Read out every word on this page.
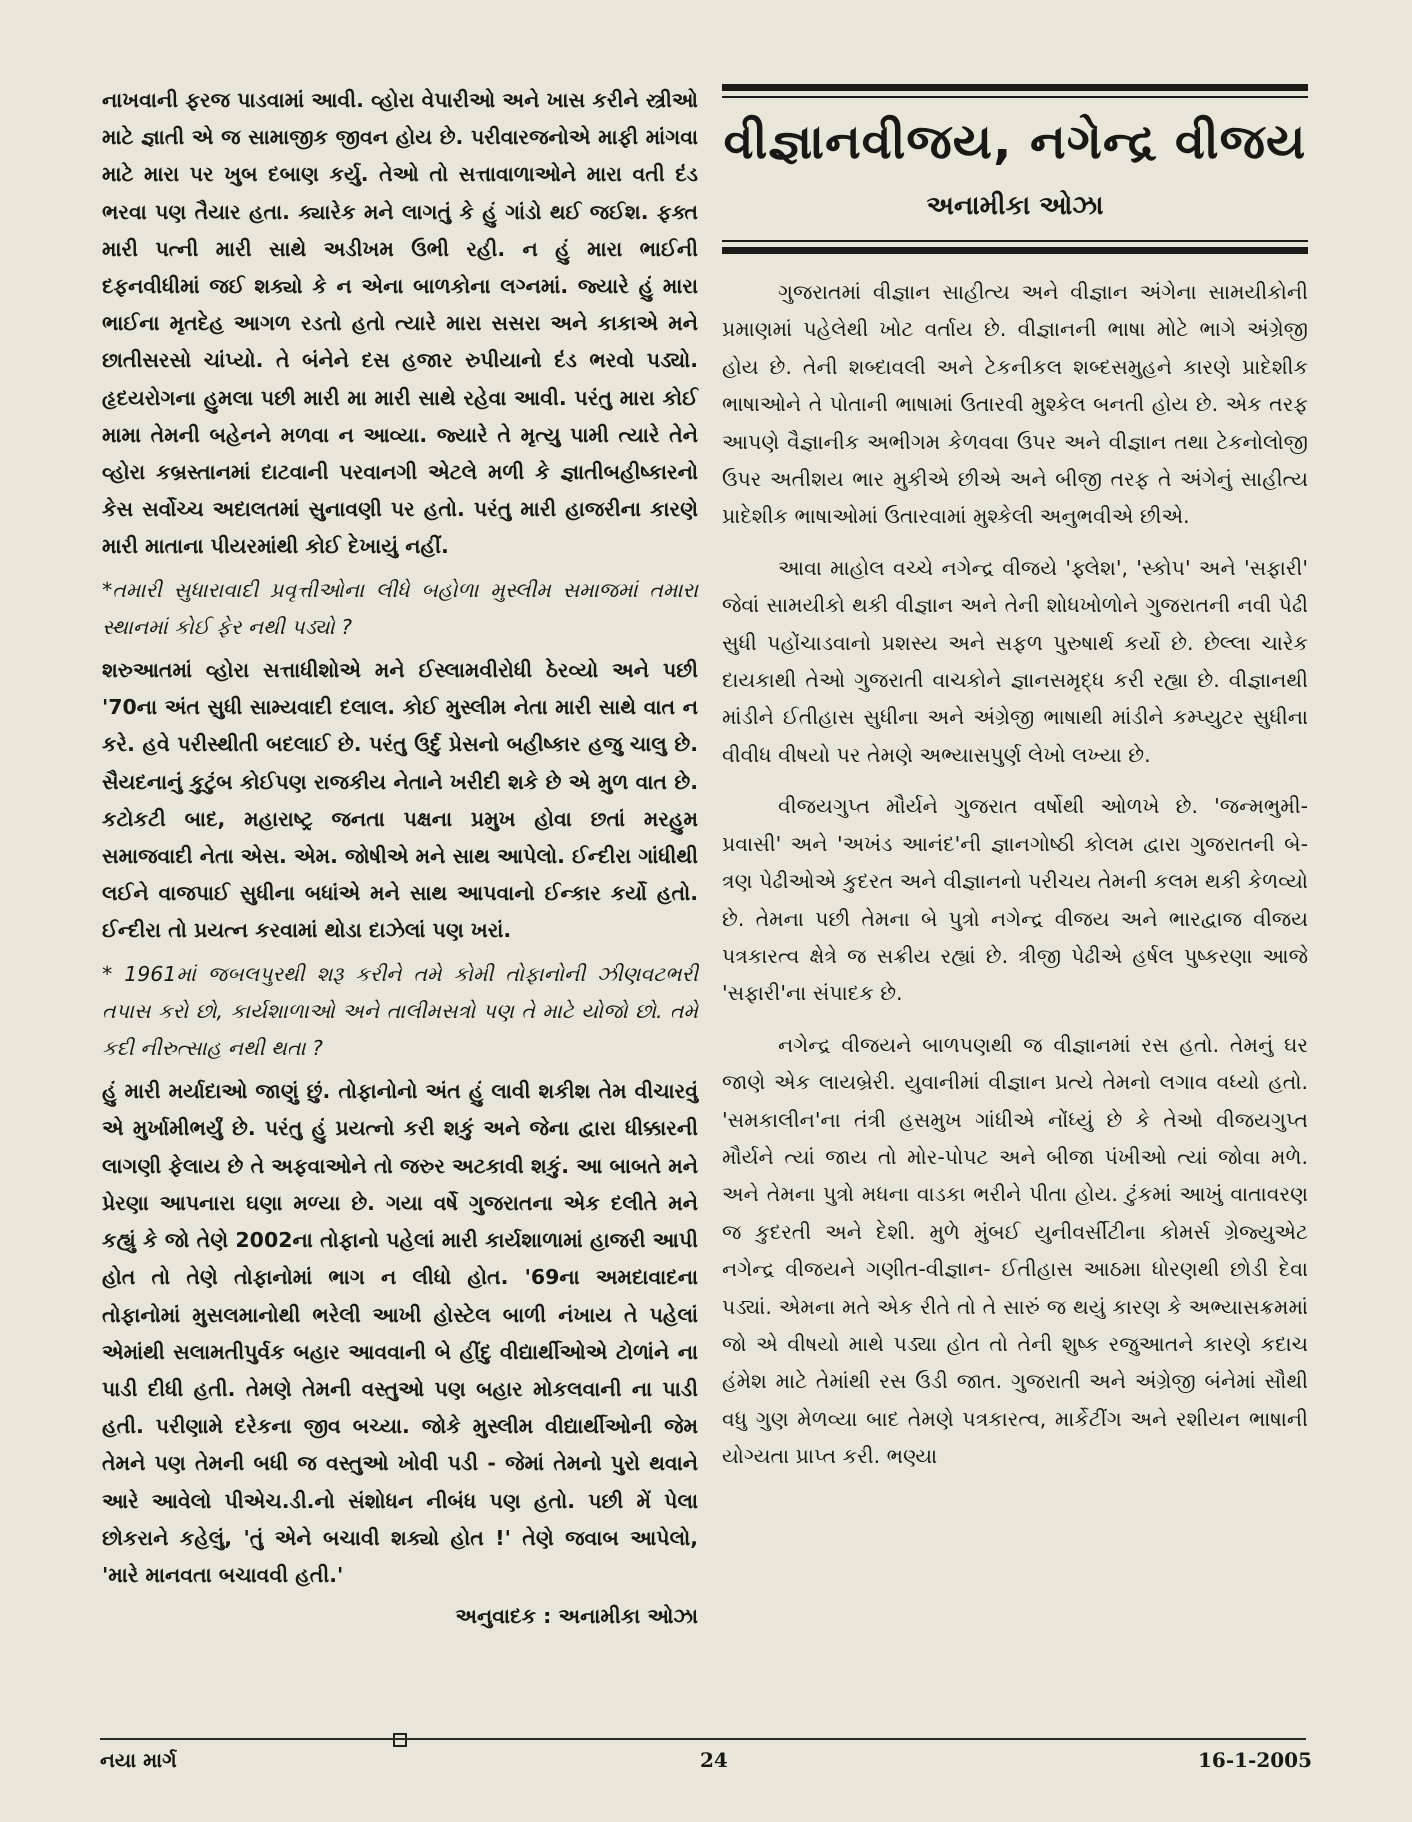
નાખવાની ફરજ પાડવામાં આવી. વ્હોરા વેપારીઓ અને ખાસ કરીને સ્ત્રીઓ માટે જ્ઞાતી એ જ સામાજીક જીવન હોય છે. પરીવારજનોએ માફી માંગવા માટે મારા પર ખુબ દબાણ કર્યુ. તેઓ તો સત્તાવાળાઓને મારા વતી દંડ ભરવા પણ તૈયાર હતા. ક્યારેક મને લાગતું કે હું ગાંડો થઈ જઈશ. ફક્ત મારી પત્ની મારી સાથે અડીખમ ઉભી રહી. ન હું મારા ભાઈની દફનવીધીમાં જઈ શક્યો કે ન એના બાળકોના લગ્નમાં. જ્યારે હું મારા ભાઈના મૃતદેહ આગળ રડતો હતો ત્યારે મારા સસરા અને કાકાએ મને છાતીસરસો ચાંપ્યો. તે બંનેને દસ હજાર રુપીયાનો દંડ ભરવો પડ્યો. હૃદયરોગના હુમલા પછી મારી મા મારી સાથે રહેવા આવી. પરંતુ મારા કોઈ મામા તેમની બહેનને મળવા ન આવ્યા. જ્યારે તે મૃત્યુ પામી ત્યારે તેને વ્હોરા કબ્રસ્તાનમાં દાટવાની પરવાનગી એટલે મળી કે જ્ઞાતીબહીષ્કારનો કેસ સર્વોચ્ચ અદાલતમાં સુનાવણી પર હતો. પરંતુ મારી હાજરીના કારણે મારી માતાના પીયરમાંથી કોઈ દેખાયું નહીં.

*તમારી સુધારાવાદી પ્રવૃત્તીઓના લીધે બહોળા મુસ્લીમ સમાજમાં તમારા સ્થાનમાં કોઈ ફેર નથી પડ્યો ?

શરુઆતમાં વ્હોરા સત્તાધીશોએ મને ઈસ્લામવીરોધી ઠેરવ્યો અને પછી '70ના અંત સુધી સામ્યવાદી દલાલ. કોઈ મુસ્લીમ નેતા મારી સાથે વાત ન કરે. હવે પરીસ્થીતી બદલાઈ છે. પરંતુ ઉર્દુ પ્રેસનો બહીષ્કાર હજુ ચાલુ છે. સૈયદનાનું કુટુંબ કોઈપણ રાજકીય નેતાને ખરીદી શકે છે એ મુળ વાત છે. કટોકટી બાદ, મહારાષ્ટ્ર જનતા પક્ષના પ્રમુખ હોવા છતાં મરહુમ સમાજવાદી નેતા એસ. એમ. જોષીએ મને સાથ આપેલો. ઈન્દીરા ગાંધીથી લઈને વાજપાઈ સુધીના બધાંએ મને સાથ આપવાનો ઈન્કાર કર્યો હતો. ઈન્દીરા તો પ્રયત્ન કરવામાં થોડા દાઝેલાં પણ ખરાં.

* 1961માં જબલપુરથી શરૂ કરીને તમે કોમી તોફાનોની ઝીણવટભરી તપાસ કરો છો, કાર્યશાળાઓ અને તાલીમસત્રો પણ તે માટે યોજો છો. તમે કદી નીરુત્સાહ નથી થતા ?

હું મારી મર્યાદાઓ જાણું છું. તોફાનોનો અંત હું લાવી શકીશ તેમ વીચારવું એ મુર્ખામીભર્યું છે. પરંતુ હું પ્રયત્નો કરી શકું અને જેના દ્વારા ધીક્કારની લાગણી ફેલાય છે તે અફવાઓને તો જરુર અટકાવી શકું. આ બાબતે મને પ્રેરણા આપનારા ઘણા મળ્યા છે. ગયા વર્ષે ગુજરાતના એક દલીતે મને કહ્યું કે જો તેણે 2002ના તોફાનો પહેલાં મારી કાર્યશાળામાં હાજરી આપી હોત તો તેણે તોફાનોમાં ભાગ ન લીધો હોત. '69ના અમદાવાદના તોફાનોમાં મુસલમાનોથી ભરેલી આખી હોસ્ટેલ બાળી નંખાય તે પહેલાં એમાંથી સલામતીપુર્વક બહાર આવવાની બે હીંદુ વીદ્યાર્થીઓએ ટોળાંને ના પાડી દીધી હતી. તેમણે તેમની વસ્તુઓ પણ બહાર મોકલવાની ના પાડી હતી. પરીણામે દરેકના જીવ બચ્યા. જોકે મુસ્લીમ વીદ્યાર્થીઓની જેમ તેમને પણ તેમની બધી જ વસ્તુઓ ખોવી પડી - જેમાં તેમનો પુરો થવાને આરે આવેલો પીએચ.ડી.નો સંશોધન નીબંધ પણ હતો. પછી મેં પેલા છોકરાને કહેલું, 'તું એને બચાવી શક્યો હોત !' તેણે જવાબ આપેલો, 'મારે માનવતા બચાવવી હતી.'

અનુવાદક : અનામીકા ઓઝા

વીજ્ઞાનવીજય, નગેન્દ્ર વીજય
અનામીકા ઓઝા

ગુજરાતમાં વીજ્ઞાન સાહીત્ય અને વીજ્ઞાન અંગેના સામયીકોની પ્રમાણમાં પહેલેથી ખોટ વર્તાય છે. વીજ્ઞાનની ભાષા મોટે ભાગે અંગ્રેજી હોય છે. તેની શબ્દાવલી અને ટેકનીકલ શબ્દસમુહને કારણે પ્રાદેશીક ભાષાઓને તે પોતાની ભાષામાં ઉતારવી મુશ્કેલ બનતી હોય છે. એક તરફ આપણે વૈજ્ઞાનીક અભીગમ કેળવવા ઉપર અને વીજ્ઞાન તથા ટેકનોલોજી ઉપર અતીશય ભાર મુકીએ છીએ અને બીજી તરફ તે અંગેનું સાહીત્ય પ્રાદેશીક ભાષાઓમાં ઉતારવામાં મુશ્કેલી અનુભવીએ છીએ.

આવા માહોલ વચ્ચે નગેન્દ્ર વીજયે 'ફ્લેશ', 'સ્કોપ' અને 'સફારી' જેવાં સામયીકો થકી વીજ્ઞાન અને તેની શોધખોળોને ગુજરાતની નવી પેઢી સુધી પહોંચાડવાનો પ્રશસ્ય અને સફળ પુરુષાર્થ કર્યો છે. છેલ્લા ચારેક દાયકાથી તેઓ ગુજરાતી વાચકોને જ્ઞાનસમૃદ્ધ કરી રહ્યા છે. વીજ્ઞાનથી માંડીને ઈતીહાસ સુધીના અને અંગ્રેજી ભાષાથી માંડીને કમ્પ્યુટર સુધીના વીવીધ વીષયો પર તેમણે અભ્યાસપુર્ણ લેખો લખ્યા છે.

વીજયગુપ્ત મૌર્યને ગુજરાત વર્ષોથી ઓળખે છે. 'જન્મભુમી-પ્રવાસી' અને 'અખંડ આનંદ'ની જ્ઞાનગોષ્ઠી કોલમ દ્વારા ગુજરાતની બે-ત્રણ પેઢીઓએ કુદરત અને વીજ્ઞાનનો પરીચય તેમની કલમ થકી કેળવ્યો છે. તેમના પછી તેમના બે પુત્રો નગેન્દ્ર વીજય અને ભારદ્વાજ વીજય પત્રકારત્વ ક્ષેત્રે જ સક્રીય રહ્યાં છે. ત્રીજી પેઢીએ હર્ષલ પુષ્કરણા આજે 'સફારી'ના સંપાદક છે.

નગેન્દ્ર વીજયને બાળપણથી જ વીજ્ઞાનમાં રસ હતો. તેમનું ઘર જાણે એક લાયબ્રેરી. યુવાનીમાં વીજ્ઞાન પ્રત્યે તેમનો લગાવ વધ્યો હતો. 'સમકાલીન'ના તંત્રી હસમુખ ગાંધીએ નોંધ્યું છે કે તેઓ વીજયગુપ્ત મૌર્યને ત્યાં જાય તો મોર-પોપટ અને બીજા પંખીઓ ત્યાં જોવા મળે. અને તેમના પુત્રો મધના વાડકા ભરીને પીતા હોય. ટુંકમાં આખું વાતાવરણ જ કુદરતી અને દેશી. મુળે મુંબઈ યુનીવર્સીટીના કોમર્સ ગ્રેજ્યુએટ નગેન્દ્ર વીજયને ગણીત-વીજ્ઞાન- ઈતીહાસ આઠમા ધોરણથી છોડી દેવા પડ્યાં. એમના મતે એક રીતે તો તે સારું જ થયું કારણ કે અભ્યાસક્રમમાં જો એ વીષયો માથે પડ્યા હોત તો તેની શુષ્ક રજુઆતને કારણે કદાચ હંમેશ માટે તેમાંથી રસ ઉડી જાત. ગુજરાતી અને અંગ્રેજી બંનેમાં સૌથી વધુ ગુણ મેળવ્યા બાદ તેમણે પત્રકારત્વ, માર્કેટીંગ અને રશીયન ભાષાની યોગ્યતા પ્રાપ્ત કરી. ભણ્યા

નયા માર્ગ	24	16-1-2005
